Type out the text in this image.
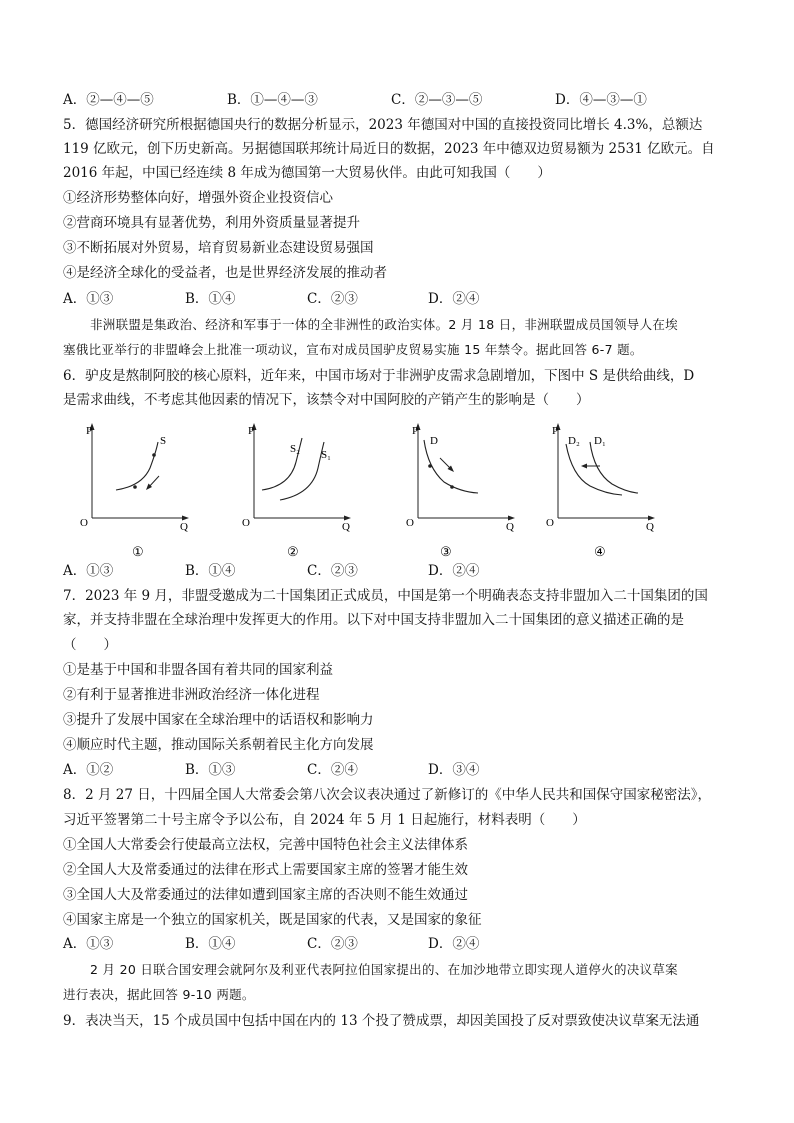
A．②—④—⑤	B．①—④—③	C．②—③—⑤	D．④—③—①
5．德国经济研究所根据德国央行的数据分析显示，2023 年德国对中国的直接投资同比增长 4.3%，总额达
119 亿欧元，创下历史新高。另据德国联邦统计局近日的数据，2023 年中德双边贸易额为 2531 亿欧元。自
2016 年起，中国已经连续 8 年成为德国第一大贸易伙伴。由此可知我国（　　）
①经济形势整体向好，增强外资企业投资信心
②营商环境具有显著优势，利用外资质量显著提升
③不断拓展对外贸易，培育贸易新业态建设贸易强国
④是经济全球化的受益者，也是世界经济发展的推动者
A．①③	B．①④	C．②③	D．②④
非洲联盟是集政治、经济和军事于一体的全非洲性的政治实体。2 月 18 日，非洲联盟成员国领导人在埃
塞俄比亚举行的非盟峰会上批准一项动议，宣布对成员国驴皮贸易实施 15 年禁令。据此回答 6-7 题。
6．驴皮是熬制阿胶的核心原料，近年来，中国市场对于非洲驴皮需求急剧增加，下图中 S 是供给曲线，D
是需求曲线，不考虑其他因素的情况下，该禁令对中国阿胶的产销产生的影响是（　　）
P
O	Q
S
①
P
O	Q
S₂ S₁
②
P
O	Q
D
③
P
O	Q
D₂ D₁
④
A．①③	B．①④	C．②③	D．②④
7．2023 年 9 月，非盟受邀成为二十国集团正式成员，中国是第一个明确表态支持非盟加入二十国集团的国
家，并支持非盟在全球治理中发挥更大的作用。以下对中国支持非盟加入二十国集团的意义描述正确的是
（　　）
①是基于中国和非盟各国有着共同的国家利益
②有利于显著推进非洲政治经济一体化进程
③提升了发展中国家在全球治理中的话语权和影响力
④顺应时代主题，推动国际关系朝着民主化方向发展
A．①②	B．①③	C．②④	D．③④
8．2 月 27 日，十四届全国人大常委会第八次会议表决通过了新修订的《中华人民共和国保守国家秘密法》，
习近平签署第二十号主席令予以公布，自 2024 年 5 月 1 日起施行，材料表明（　　）
①全国人大常委会行使最高立法权，完善中国特色社会主义法律体系
②全国人大及常委通过的法律在形式上需要国家主席的签署才能生效
③全国人大及常委通过的法律如遭到国家主席的否决则不能生效通过
④国家主席是一个独立的国家机关，既是国家的代表，又是国家的象征
A．①③	B．①④	C．②③	D．②④
2 月 20 日联合国安理会就阿尔及利亚代表阿拉伯国家提出的、在加沙地带立即实现人道停火的决议草案
进行表决，据此回答 9-10 两题。
9．表决当天，15 个成员国中包括中国在内的 13 个投了赞成票，却因美国投了反对票致使决议草案无法通
